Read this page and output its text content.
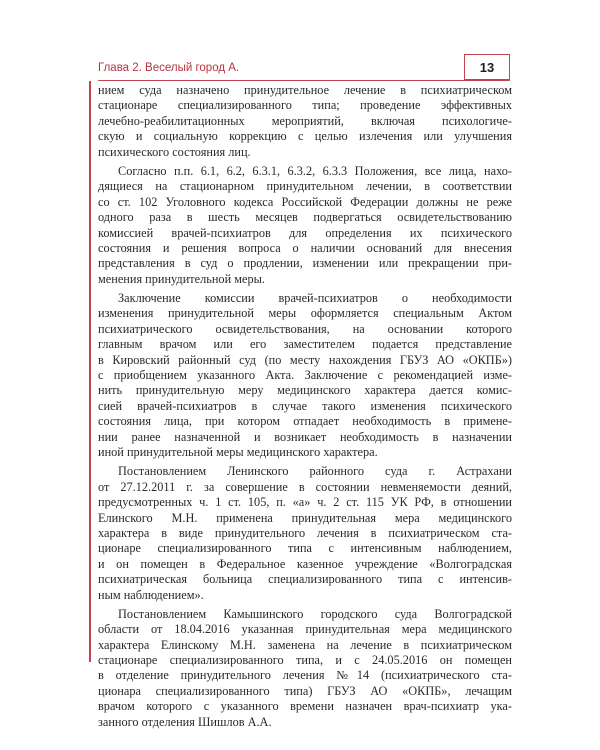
Глава 2. Веселый город А.	13
нием суда назначено принудительное лечение в психиатрическом
стационаре специализированного типа; проведение эффективных
лечебно-реабилитационных мероприятий, включая психологиче-
скую и социальную коррекцию с целью излечения или улучшения
психического состояния лиц.
Согласно п.п. 6.1, 6.2, 6.3.1, 6.3.2, 6.3.3 Положения, все лица, нахо-
дящиеся на стационарном принудительном лечении, в соответствии
со ст. 102 Уголовного кодекса Российской Федерации должны не реже
одного раза в шесть месяцев подвергаться освидетельствованию
комиссией врачей-психиатров для определения их психического
состояния и решения вопроса о наличии оснований для внесения
представления в суд о продлении, изменении или прекращении при-
менения принудительной меры.
Заключение комиссии врачей-психиатров о необходимости
изменения принудительной меры оформляется специальным Актом
психиатрического освидетельствования, на основании которого
главным врачом или его заместителем подается представление
в Кировский районный суд (по месту нахождения ГБУЗ АО «ОКПБ»)
с приобщением указанного Акта. Заключение с рекомендацией изме-
нить принудительную меру медицинского характера дается комис-
сией врачей-психиатров в случае такого изменения психического
состояния лица, при котором отпадает необходимость в примене-
нии ранее назначенной и возникает необходимость в назначении
иной принудительной меры медицинского характера.
Постановлением Ленинского районного суда г. Астрахани
от 27.12.2011 г. за совершение в состоянии невменяемости деяний,
предусмотренных ч. 1 ст. 105, п. «а» ч. 2 ст. 115 УК РФ, в отношении
Елинского М.Н. применена принудительная мера медицинского
характера в виде принудительного лечения в психиатрическом ста-
ционаре специализированного типа с интенсивным наблюдением,
и он помещен в Федеральное казенное учреждение «Волгоградская
психиатрическая больница специализированного типа с интенсив-
ным наблюдением».
Постановлением Камышинского городского суда Волгоградской
области от 18.04.2016 указанная принудительная мера медицинского
характера Елинскому М.Н. заменена на лечение в психиатрическом
стационаре специализированного типа, и с 24.05.2016 он помещен
в отделение принудительного лечения №14 (психиатрического ста-
ционара специализированного типа) ГБУЗ АО «ОКПБ», лечащим
врачом которого с указанного времени назначен врач-психиатр ука-
занного отделения Шишлов А.А.
